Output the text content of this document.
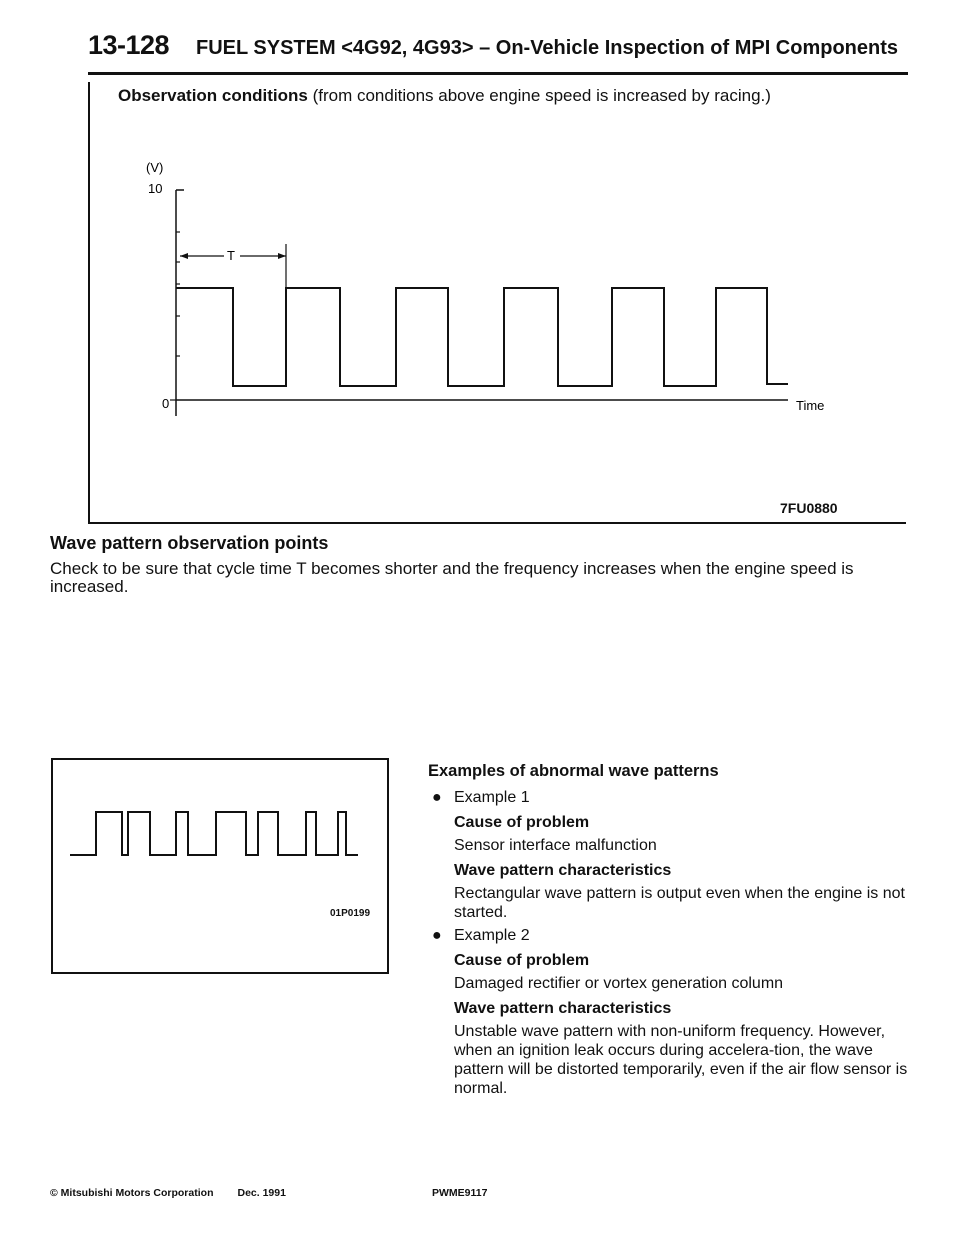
13-128 FUEL SYSTEM <4G92, 4G93> – On-Vehicle Inspection of MPI Components
Observation conditions (from conditions above engine speed is increased by racing.)
(V)
10
0	Time
T
7FU0880
Wave pattern observation points
Check to be sure that cycle time T becomes shorter and the frequency increases when the engine speed is increased.
01P0199
Examples of abnormal wave patterns
● Example 1
Cause of problem
Sensor interface malfunction
Wave pattern characteristics
Rectangular wave pattern is output even when the engine is not started.
● Example 2
Cause of problem
Damaged rectifier or vortex generation column
Wave pattern characteristics
Unstable wave pattern with non-uniform frequency. However, when an ignition leak occurs during accelera-tion, the wave pattern will be distorted temporarily, even if the air flow sensor is normal.
© Mitsubishi Motors Corporation Dec. 1991	PWME9117
